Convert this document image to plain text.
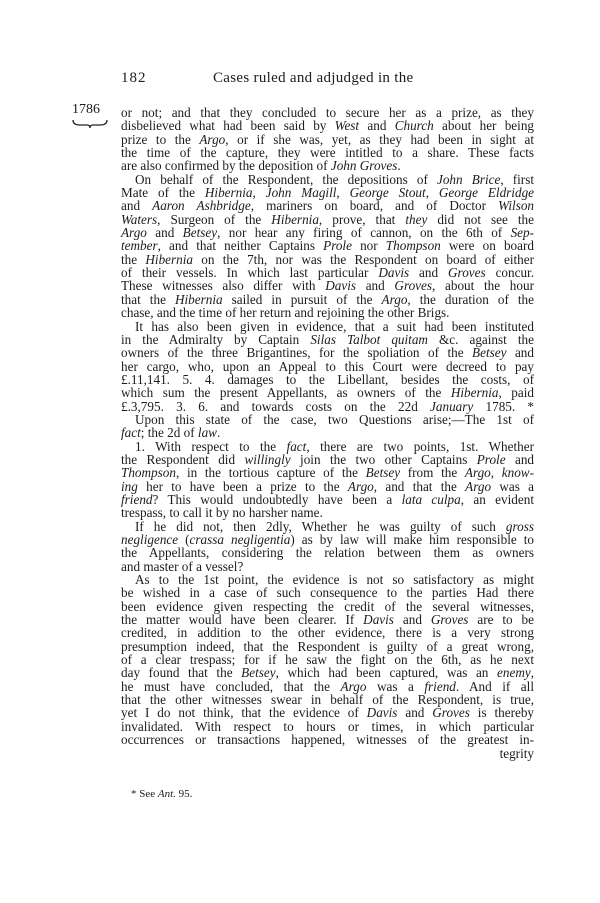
182	Cases ruled and adjudged in the
1786 or not; and that they concluded to secure her as a prize, as they
disbelieved what had been said by West and Church about her being
prize to the Argo, or if she was, yet, as they had been in sight at
the time of the capture, they were intitled to a share. These facts
are also confirmed by the deposition of John Groves.
On behalf of the Respondent, the depositions of John Brice, first
Mate of the Hibernia, John Magill, George Stout, George Eldridge
and Aaron Ashbridge, mariners on board, and of Doctor Wilson
Waters, Surgeon of the Hibernia, prove, that they did not see the
Argo and Betsey, nor hear any firing of cannon, on the 6th of Sep-
tember, and that neither Captains Prole nor Thompson were on board
the Hibernia on the 7th, nor was the Respondent on board of either
of their vessels. In which last particular Davis and Groves concur.
These witnesses also differ with Davis and Groves, about the hour
that the Hibernia sailed in pursuit of the Argo, the duration of the
chase, and the time of her return and rejoining the other Brigs.
It has also been given in evidence, that a suit had been instituted
in the Admiralty by Captain Silas Talbot quitam &c. against the
owners of the three Brigantines, for the spoliation of the Betsey and
her cargo, who, upon an Appeal to this Court were decreed to pay
£.11,141. 5. 4. damages to the Libellant, besides the costs, of
which sum the present Appellants, as owners of the Hibernia, paid
£.3,795. 3. 6. and towards costs on the 22d January 1785. *
Upon this state of the case, two Questions arise;—The 1st of
fact; the 2d of law.
1. With respect to the fact, there are two points, 1st. Whether
the Respondent did willingly join the two other Captains Prole and
Thompson, in the tortious capture of the Betsey from the Argo, know-
ing her to have been a prize to the Argo, and that the Argo was a
friend? This would undoubtedly have been a lata culpa, an evident
trespass, to call it by no harsher name.
If he did not, then 2dly, Whether he was guilty of such gross
negligence (crassa negligentia) as by law will make him responsible to
the Appellants, considering the relation between them as owners
and master of a vessel?
As to the 1st point, the evidence is not so satisfactory as might
be wished in a case of such consequence to the parties Had there
been evidence given respecting the credit of the several witnesses,
the matter would have been clearer. If Davis and Groves are to be
credited, in addition to the other evidence, there is a very strong
presumption indeed, that the Respondent is guilty of a great wrong,
of a clear trespass; for if he saw the fight on the 6th, as he next
day found that the Betsey, which had been captured, was an enemy,
he must have concluded, that the Argo was a friend. And if all
that the other witnesses swear in behalf of the Respondent, is true,
yet I do not think, that the evidence of Davis and Groves is thereby
invalidated. With respect to hours or times, in which particular
occurrences or transactions happened, witnesses of the greatest in-
tegrity
* See Ant. 95.
